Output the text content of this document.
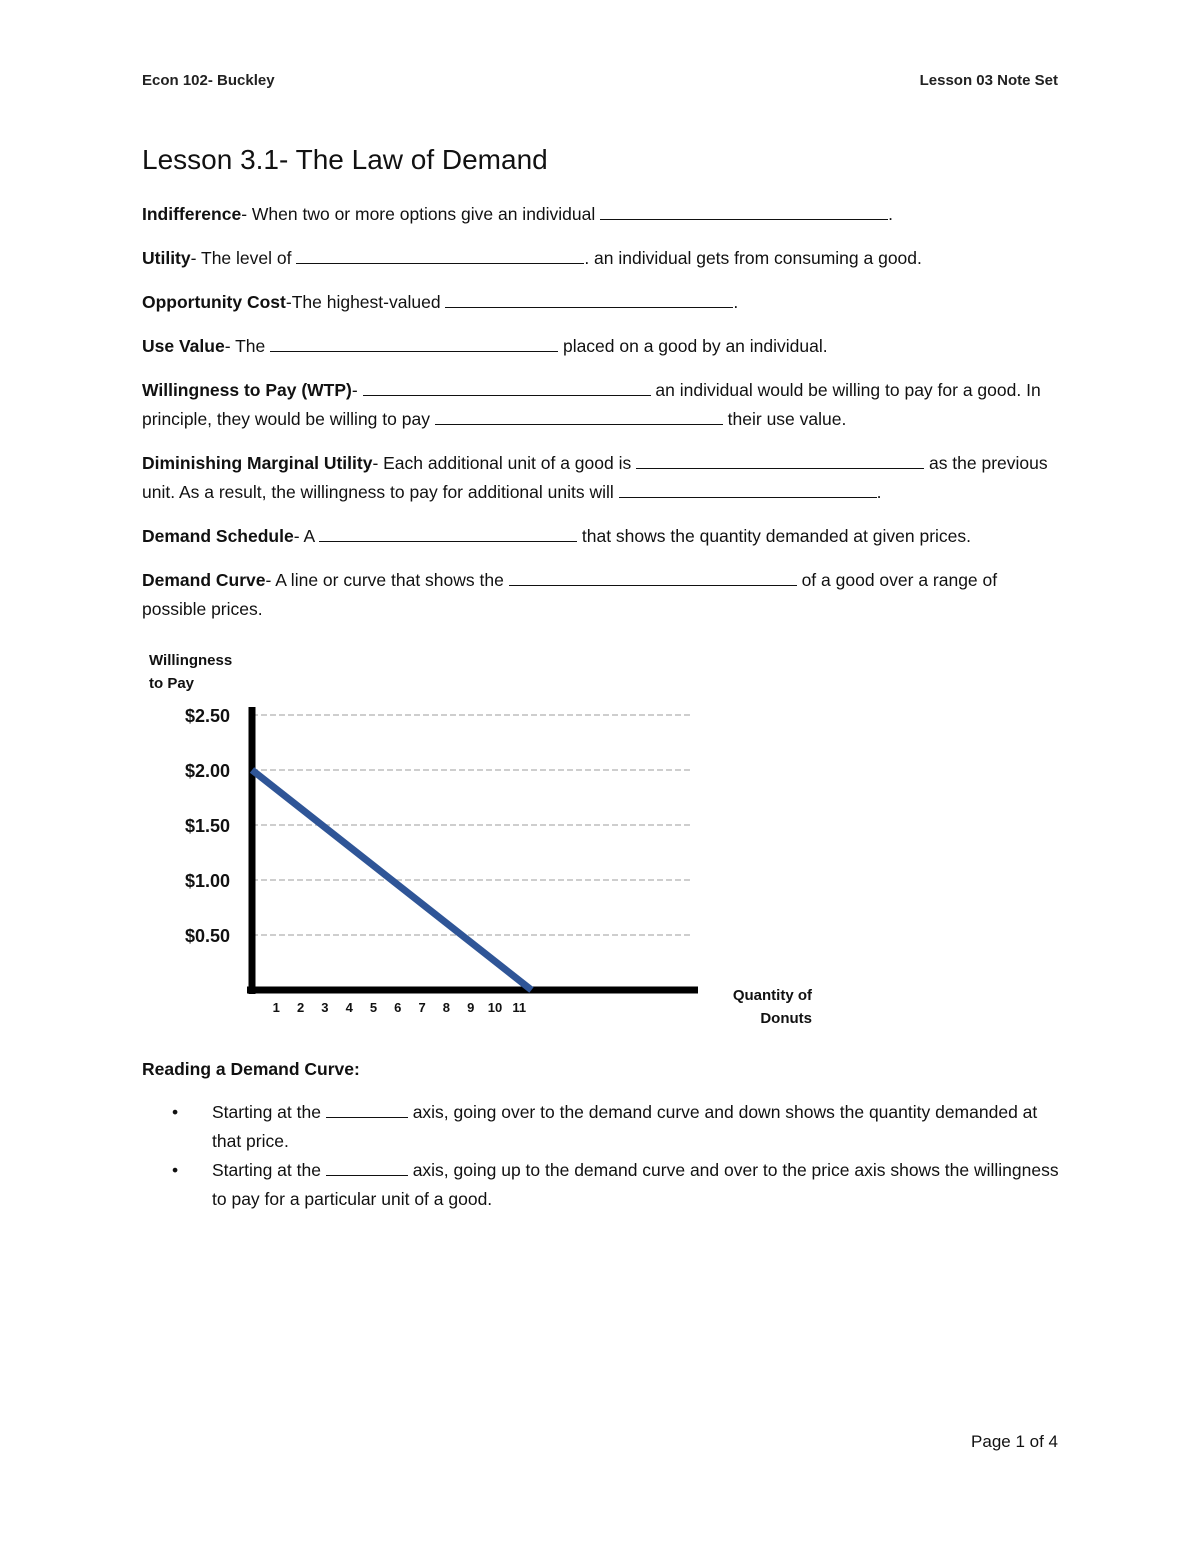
Econ 102- Buckley	Lesson 03 Note Set
Lesson 3.1- The Law of Demand

Indifference- When two or more options give an individual	.

Utility- The level of	. an individual gets from consuming a good.

Opportunity Cost-The highest-valued	.

Use Value- The	placed on a good by an individual.

Willingness to Pay (WTP)-	an individual would be willing to pay for a good. In principle, they would be willing to pay	their use value.

Diminishing Marginal Utility- Each additional unit of a good is	as the previous unit. As a result, the willingness to pay for additional units will	.

Demand Schedule- A	that shows the quantity demanded at given prices.

Demand Curve- A line or curve that shows the	of a good over a range of possible prices.

$0.50
$1.00
$1.50
$2.00
$2.50
1 2 3 4 5 6 7 8 9 10 11
Willingness
to Pay
Quantity of
Donuts

Reading a Demand Curve:

• Starting at the	axis, going over to the demand curve and down shows the quantity demanded at that price.
• Starting at the	axis, going up to the demand curve and over to the price axis shows the willingness to pay for a particular unit of a good.
Page 1 of 4
